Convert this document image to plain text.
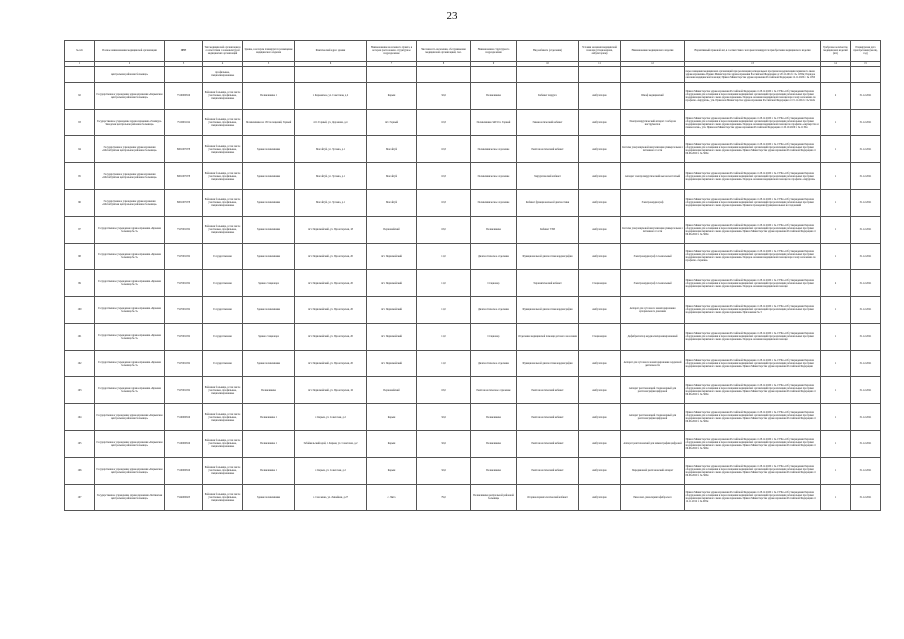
23
№ п/п	Полное наименование медицинской организации	ИНН	Тип медицинской организации в соответствии с номенклатурой медицинских организаций	Здание, в котором планируется размещение медицинского изделия	Фактический адрес здания	Наименование населенного пункта, в котором расположено структурное подразделение	Численность населения, обслуживаемая медицинской организацией, тыс.	Наименование структурного подразделения	Вид кабинета (отделения)	Условия оказания медицинской помощи (стационарная, амбулаторная)	Наименование медицинского изделия	Нормативный правовой акт, в соответствии с которым планируется приобретение медицинского изделия	Требуемое количество медицинских изделий (шт.)	Планируемая дата приобретения (месяц, год)
1	2	3	4	5	6	7	8	9	10	11	12	13	14	15
	центральная районная больница»		профильные, специализированные									переоснащения медицинских организаций при реализации региональных программ модернизации первичного звена здравоохранения» Приказ Министерства здравоохранения Российской Федерации от 20.12.2012 г. № 1183н; Порядок оказания медицинской помощи; Приказ Министерства здравоохранения Российской Федерации 12.11.2020 г. № 1050		
92	Государственное учреждение здравоохранения «Карымская центральная районная больница»	7510000816	Районная больница, в том числе участковые, профильные, специализированные	Поликлиника 1	г. Карымское, ул. Советская, д.2	Карым	32,6	Поликлиника	Кабинет хирурга	Амбулаторно	Шкаф медицинский	Приказ Министерства здравоохранения Российской Федерации от 28.12.2020 г. № 1379н «Об утверждении Перечня оборудования для оснащения и переоснащения медицинских организаций при реализации региональных программ модернизации первичного звена здравоохранения» Порядок оказания медицинской помощи взрослому населению по профилю «хирургия», утв. Приказом Министерства здравоохранения Российской Федерации от 15.11.2012 г. № 922н	2	31.12.2021
93	Государственное учреждение здравоохранения «Газимуро-Заводская центральная районная больница»	7510001164	Районная больница, в том числе участковые, профильные, специализированные	Поликлиника на 150 посещений, Горный	пгт. Горный, ул. Дорожная, д.4	пгт. Горный	10,8	Поликлиника ЗАТО п. Горный	Гинекологический кабинет	Амбулаторно	Электрохирургический аппарат с набором инструментов	Приказ Министерства здравоохранения Российской Федерации от 28.12.2020 г. № 1379н «Об утверждении Перечня оборудования для оснащения и переоснащения медицинских организаций при реализации региональных программ модернизации первичного звена здравоохранения» Порядок оказания медицинской помощи по профилю «акушерство и гинекология», утв. Приказом Министерства здравоохранения Российской Федерации от 20.10.2020 г. № 1130н	1	31.12.2021
94	Государственное учреждение здравоохранения «Могойтуйская центральная районная больница»	8001007078	Районная больница, в том числе участковые, профильные, специализированные	Здание поликлиники	Могойтуй, ул. Зугаева, д.1	Могойтуй	10,8	Поликлиническое отделение	Рентгенологический кабинет	Амбулаторно	Система ультразвуковой визуализации универсальная с питанием от сети	Приказ Министерства здравоохранения Российской Федерации от 28.12.2020 г. № 1379н «Об утверждении Перечня оборудования для оснащения и переоснащения медицинских организаций при реализации региональных программ модернизации первичного звена здравоохранения» Приказ Министерства здравоохранения Российской Федерации от 09.06.2020 г. № 560н	1	31.12.2021
95	Государственное учреждение здравоохранения «Могойтуйская центральная районная больница»	8001007078	Районная больница, в том числе участковые, профильные, специализированные	Здание поликлиники	Могойтуй, ул. Зугаева, д.1	Могойтуй	10,8	Поликлиническое отделение	Хирургический кабинет	Амбулаторно	Аппарат электрохирургический высокочастотный	Приказ Министерства здравоохранения Российской Федерации от 28.12.2020 г. № 1379н «Об утверждении Перечня оборудования для оснащения и переоснащения медицинских организаций при реализации региональных программ модернизации первичного звена здравоохранения» Порядок оказания медицинской помощи по профилю «хирургия»	1	31.12.2021
96	Государственное учреждение здравоохранения «Могойтуйская центральная районная больница»	8001007078	Районная больница, в том числе участковые, профильные, специализированные	Здание поликлиники	Могойтуй, ул. Зугаева, д.1	Могойтуй	10,8	Поликлиническое отделение	Кабинет функциональной диагностики	Амбулаторно	Электрокардиограф	Приказ Министерства здравоохранения Российской Федерации от 28.12.2020 г. № 1379н «Об утверждении Перечня оборудования для оснащения и переоснащения медицинских организаций при реализации региональных программ модернизации первичного звена здравоохранения» Правила проведения функциональных исследований	1	31.12.2021
97	Государственное учреждение здравоохранения «Краевая больница № 3»	7527001032	Районная больница, в том числе участковые, профильные, специализированные	Здание поликлиники	пгт. Первомайский, ул. Пролетарская, 18	Первомайский	18,0	Поликлиника	Кабинет УЗИ	Амбулаторно	Система ультразвуковой визуализации универсальная с питанием от сети	Приказ Министерства здравоохранения Российской Федерации от 28.12.2020 г. № 1379н «Об утверждении Перечня оборудования для оснащения и переоснащения медицинских организаций при реализации региональных программ модернизации первичного звена здравоохранения» Приказ Министерства здравоохранения Российской Федерации от 09.06.2020 г. № 560н	1	31.12.2021
98	Государственное учреждение здравоохранения «Краевая больница № 3»	7527001032	Государственная	Здание поликлиники	пгт. Первомайский, ул. Пролетарская, 20	пгт. Первомайский	11,0	Диагностическое отделение	Функциональной диагностики кардиография	Амбулаторно	Электрокардиограф 12-канальный	Приказ Министерства здравоохранения Российской Федерации от 28.12.2020 г. № 1379н «Об утверждении Перечня оборудования для оснащения и переоснащения медицинских организаций при реализации региональных программ модернизации первичного звена здравоохранения» Порядок оказания медицинской помощи взрослому населению по профилю «терапия»	1	31.12.2021
99	Государственное учреждение здравоохранения «Краевая больница № 3»	7527001032	Государственная	Здание стационара	пгт. Первомайский, ул. Пролетарская, 20	пгт. Первомайский	11,0	Стационар	Терапевтический кабинет	Стационарно	Электрокардиограф 12-канальный	Приказ Министерства здравоохранения Российской Федерации от 28.12.2020 г. № 1379н «Об утверждении Перечня оборудования для оснащения и переоснащения медицинских организаций при реализации региональных программ модернизации первичного звена здравоохранения» Порядок оказания медицинской помощи	2	31.12.2021
100	Государственное учреждение здравоохранения «Краевая больница № 3»	7527001032	Государственная	Здание поликлиники	пгт. Первомайский, ул. Пролетарская, 20	пгт. Первомайский	11,0	Диагностическое отделение	Функциональной диагностики кардиография	Амбулаторно	Аппарат для суточного мониторирования артериального давления	Приказ Министерства здравоохранения Российской Федерации от 28.12.2020 г. № 1379н «Об утверждении Перечня оборудования для оснащения и переоснащения медицинских организаций при реализации региональных программ модернизации первичного звена здравоохранения» Приложение № 3	1	31.12.2021
101	Государственное учреждение здравоохранения «Краевая больница № 3»	7527001032	Государственная	Здание стационара	пгт. Первомайский, ул. Пролетарская, 20	пгт. Первомайский	11,0	Стационар	Отделение медицинской помощи детского населения	Стационарно	Дефибриллятор кардиосинхронизированный	Приказ Министерства здравоохранения Российской Федерации от 28.12.2020 г. № 1379н «Об утверждении Перечня оборудования для оснащения и переоснащения медицинских организаций при реализации региональных программ модернизации первичного звена здравоохранения» Порядок оказания медицинской помощи	1	31.12.2021
102	Государственное учреждение здравоохранения «Краевая больница № 3»	7527001032	Государственная	Здание поликлиники	пгт. Первомайский, ул. Пролетарская, 20	пгт. Первомайский	11,0	Диагностическое отделение	Функциональной диагностики кардиография	Амбулаторно	Аппарат для суточного мониторирования сердечной деятельности	Приказ Министерства здравоохранения Российской Федерации от 28.12.2020 г. № 1379н «Об утверждении Перечня оборудования для оснащения и переоснащения медицинских организаций при реализации региональных программ модернизации первичного звена здравоохранения» Приказ Министерства здравоохранения Российской Федерации	1	31.12.2021
103	Государственное учреждение здравоохранения «Краевая больница № 3»	7527001032	Районная больница, в том числе участковые, профильные, специализированные	Поликлиника	пгт. Первомайский, ул. Пролетарская, 16	Первомайский	18,0	Рентгенологическое отделение	Рентгенологический кабинет	Амбулаторно	Аппарат рентгеновский стационарный для рентгенографии цифровой	Приказ Министерства здравоохранения Российской Федерации от 28.12.2020 г. № 1379н «Об утверждении Перечня оборудования для оснащения и переоснащения медицинских организаций при реализации региональных программ модернизации первичного звена здравоохранения» Приказ Министерства здравоохранения Российской Федерации от 09.06.2020 г. № 560н	1	31.12.2021
104	Государственное учреждение здравоохранения «Карымская центральная районная больница»	7510000816	Районная больница, в том числе участковые, профильные, специализированные	Поликлиника 1	г. Карым, ул. Советская, д.2	Карым	32,6	Поликлиника	Рентгенологический кабинет	Амбулаторно	Аппарат рентгеновский стационарный для рентгенографии цифровой	Приказ Министерства здравоохранения Российской Федерации от 28.12.2020 г. № 1379н «Об утверждении Перечня оборудования для оснащения и переоснащения медицинских организаций при реализации региональных программ модернизации первичного звена здравоохранения» Приказ Министерства здравоохранения Российской Федерации от 09.06.2020 г. № 560н	1	31.12.2021
105	Государственное учреждение здравоохранения «Карымская центральная районная больница»	7510000816	Районная больница, в том числе участковые, профильные, специализированные	Поликлиника 1	Забайкальский край, г. Карым, ул. Советская, д.2	Карым	32,6	Поликлиника	Рентгенологический кабинет	Амбулаторно	Аппарат рентгеновский для маммографии цифровой	Приказ Министерства здравоохранения Российской Федерации от 28.12.2020 г. № 1379н «Об утверждении Перечня оборудования для оснащения и переоснащения медицинских организаций при реализации региональных программ модернизации первичного звена здравоохранения» Приказ Министерства здравоохранения Российской Федерации от 09.06.2020 г. № 560н	1	31.12.2021
106	Государственное учреждение здравоохранения «Карымская центральная районная больница»	7510000816	Районная больница, в том числе участковые, профильные, специализированные	Поликлиника 1	г. Карым, ул. Советская, д.2	Карым	32,6	Поликлиника	Рентгенологический кабинет	Амбулаторно	Передвижной рентгеновский аппарат	Приказ Министерства здравоохранения Российской Федерации от 28.12.2020 г. № 1379н «Об утверждении Перечня оборудования для оснащения и переоснащения медицинских организаций при реализации региональных программ модернизации первичного звена здравоохранения» Приказ Министерства здравоохранения Российской Федерации от 09.06.2020 г. № 560н	1	31.12.2021
107	Государственное учреждение здравоохранения «Читинская центральная районная больница»	7524000923	Районная больница, в том числе участковые, профильные, специализированные	Здание поликлиники	с. Смоленка, ул. Линейная, д.27	с. Чита	79,0	Поликлиника центральной районной больницы	Оториноларингологический кабинет	Амбулаторно	Риноскоп, риноларингофиброскоп	Приказ Министерства здравоохранения Российской Федерации от 28.12.2020 г. № 1379н «Об утверждении Перечня оборудования для оснащения и переоснащения медицинских организаций при реализации региональных программ модернизации первичного звена здравоохранения» Приказ Министерства здравоохранения Российской Федерации от 12.11.2012 г. № 905н	1	31.12.2021
